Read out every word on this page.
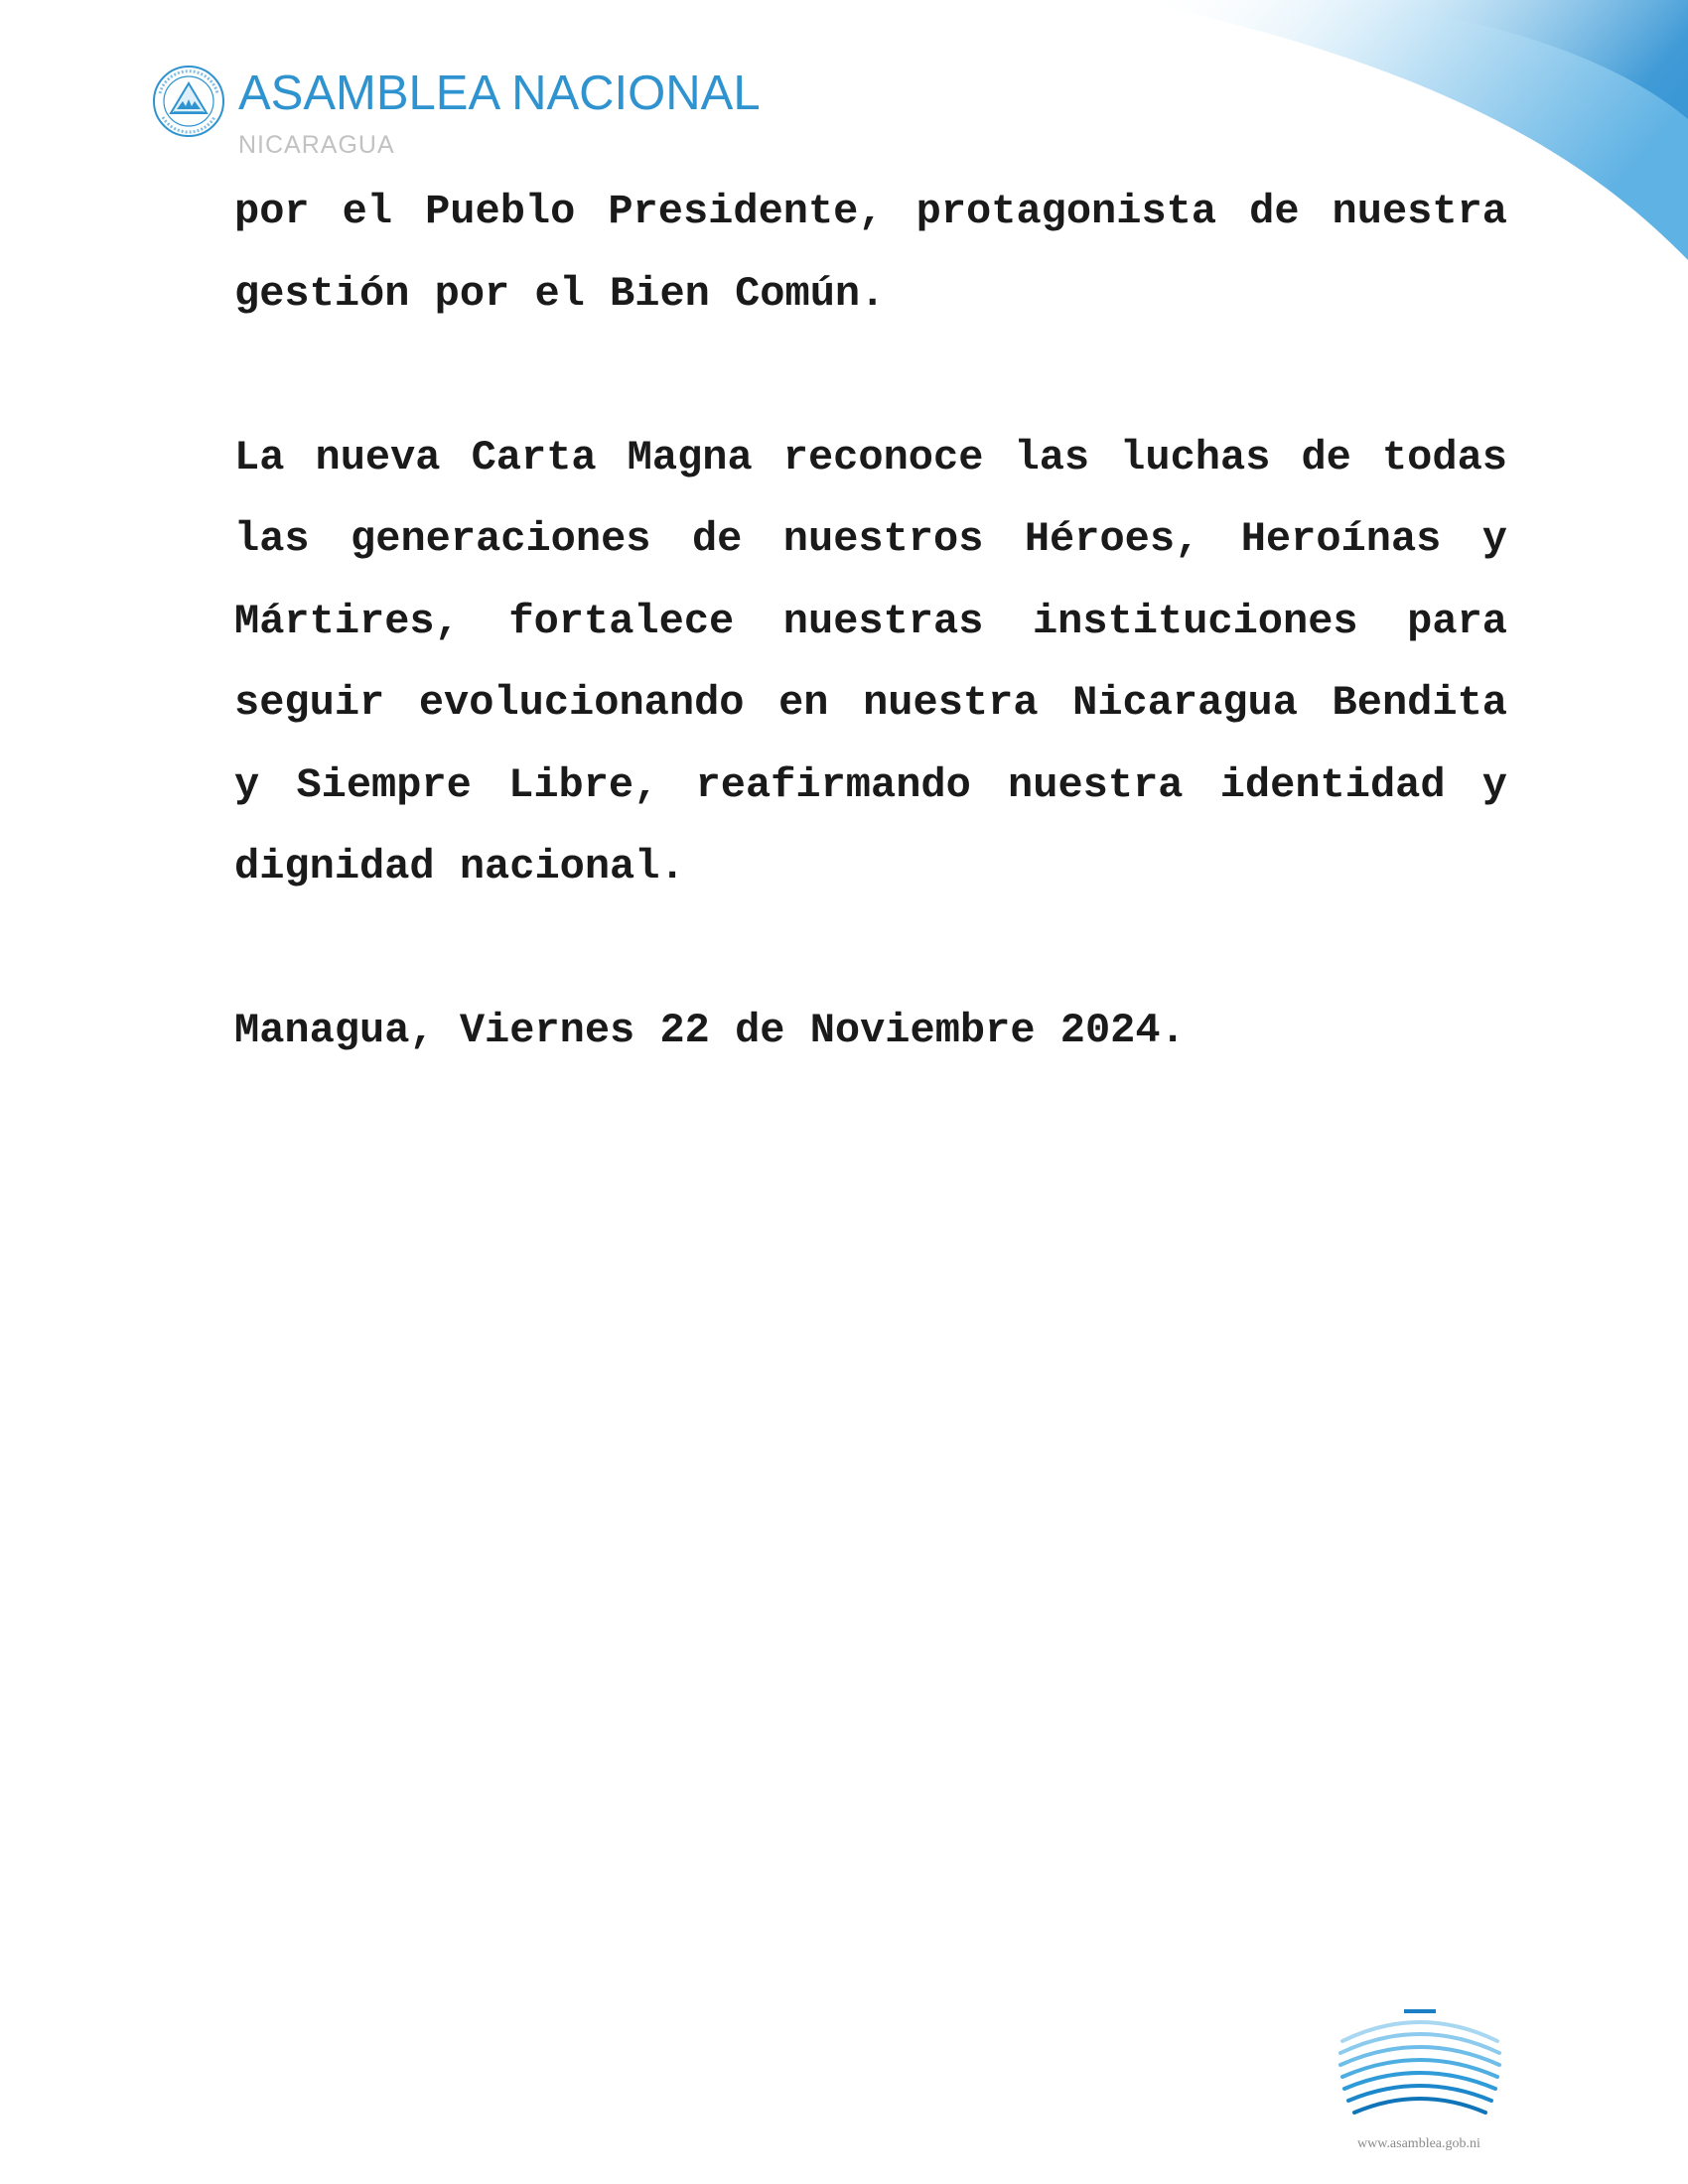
ASAMBLEA NACIONAL
NICARAGUA

por el Pueblo Presidente, protagonista de nuestra gestión por el Bien Común.

La nueva Carta Magna reconoce las luchas de todas las generaciones de nuestros Héroes, Heroínas y Mártires, fortalece nuestras instituciones para seguir evolucionando en nuestra Nicaragua Bendita y Siempre Libre, reafirmando nuestra identidad y dignidad nacional.

Managua, Viernes 22 de Noviembre 2024.

www.asamblea.gob.ni
